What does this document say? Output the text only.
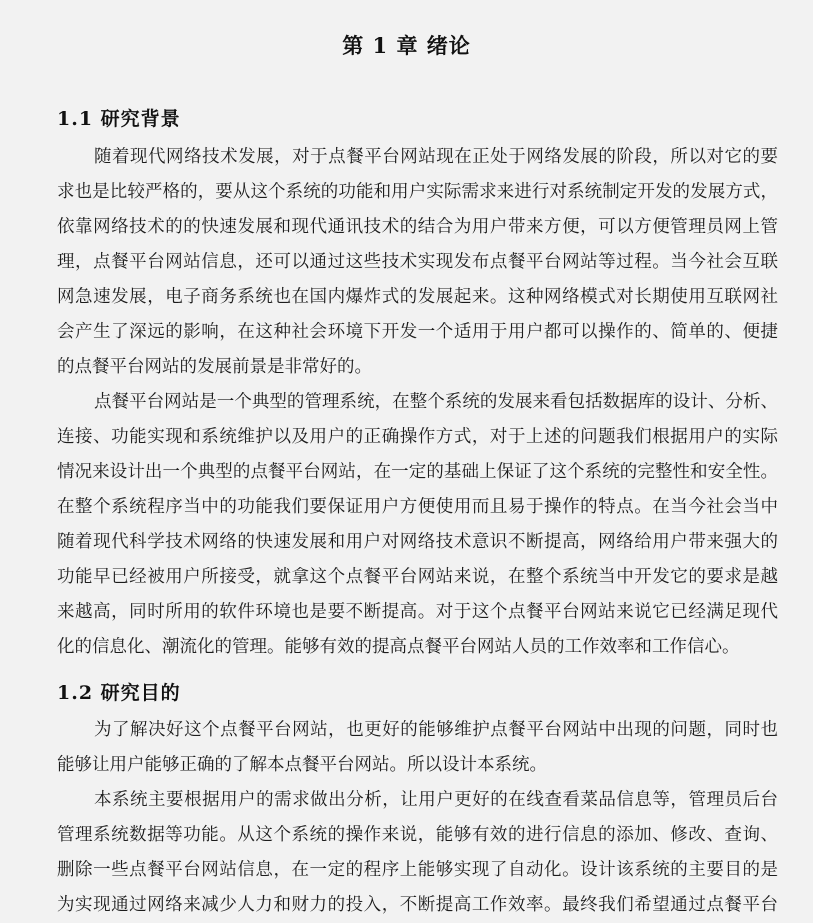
第 1 章 绪论
1.1 研究背景
随着现代网络技术发展，对于点餐平台网站现在正处于网络发展的阶段，所以对它的要
求也是比较严格的，要从这个系统的功能和用户实际需求来进行对系统制定开发的发展方式，
依靠网络技术的的快速发展和现代通讯技术的结合为用户带来方便，可以方便管理员网上管
理，点餐平台网站信息，还可以通过这些技术实现发布点餐平台网站等过程。当今社会互联
网急速发展，电子商务系统也在国内爆炸式的发展起来。这种网络模式对长期使用互联网社
会产生了深远的影响，在这种社会环境下开发一个适用于用户都可以操作的、简单的、便捷
的点餐平台网站的发展前景是非常好的。
点餐平台网站是一个典型的管理系统，在整个系统的发展来看包括数据库的设计、分析、
连接、功能实现和系统维护以及用户的正确操作方式，对于上述的问题我们根据用户的实际
情况来设计出一个典型的点餐平台网站，在一定的基础上保证了这个系统的完整性和安全性。
在整个系统程序当中的功能我们要保证用户方便使用而且易于操作的特点。在当今社会当中
随着现代科学技术网络的快速发展和用户对网络技术意识不断提高，网络给用户带来强大的
功能早已经被用户所接受，就拿这个点餐平台网站来说，在整个系统当中开发它的要求是越
来越高，同时所用的软件环境也是要不断提高。对于这个点餐平台网站来说它已经满足现代
化的信息化、潮流化的管理。能够有效的提高点餐平台网站人员的工作效率和工作信心。
1.2 研究目的
为了解决好这个点餐平台网站，也更好的能够维护点餐平台网站中出现的问题，同时也
能够让用户能够正确的了解本点餐平台网站。所以设计本系统。
本系统主要根据用户的需求做出分析，让用户更好的在线查看菜品信息等，管理员后台
管理系统数据等功能。从这个系统的操作来说，能够有效的进行信息的添加、修改、查询、
删除一些点餐平台网站信息，在一定的程序上能够实现了自动化。设计该系统的主要目的是
为实现通过网络来减少人力和财力的投入，不断提高工作效率。最终我们希望通过点餐平台
